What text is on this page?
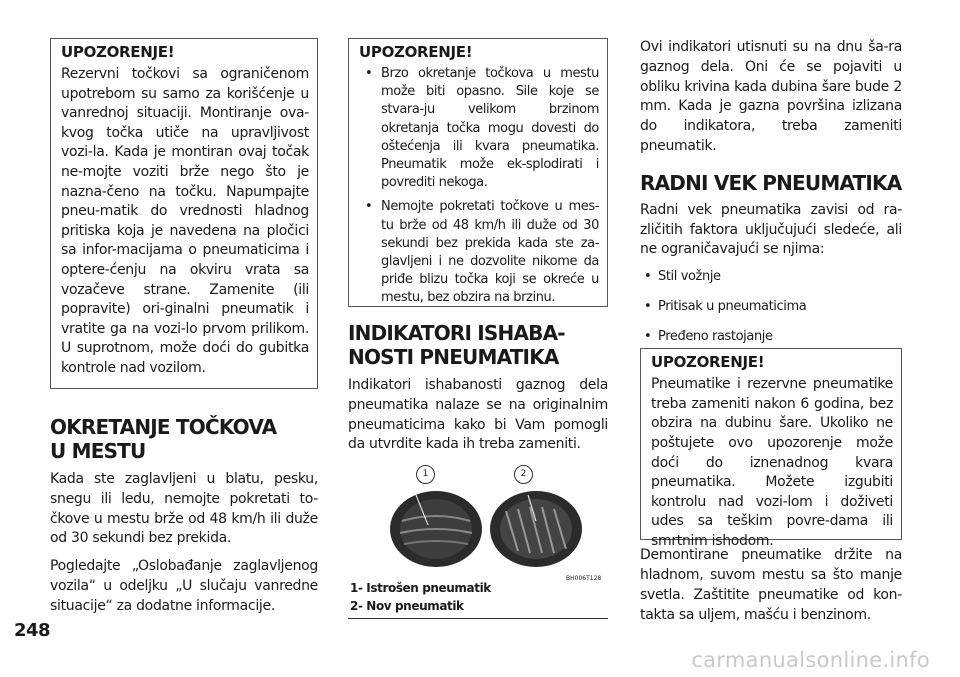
UPOZORENJE!
Rezervni točkovi sa ograničenom upotrebom su samo za korišćenje u vanrednoj situaciji. Montiranje ova-kvog točka utiče na upravljivost vozi-la. Kada je montiran ovaj točak ne-mojte voziti brže nego što je nazna-čeno na točku. Napumpajte pneu-matik do vrednosti hladnog pritiska koja je navedena na pločici sa infor-macijama o pneumaticima i optere-ćenju na okviru vrata sa vozačeve strane. Zamenite (ili popravite) ori-ginalni pneumatik i vratite ga na vozi-lo prvom prilikom. U suprotnom, može doći do gubitka kontrole nad vozilom.
OKRETANJE TOČKOVA
U MESTU

Kada ste zaglavljeni u blatu, pesku, snegu ili ledu, nemojte pokretati to-čkove u mestu brže od 48 km/h ili duže od 30 sekundi bez prekida.

Pogledajte „Oslobađanje zaglavljenog vozila“ u odeljku „U slučaju vanredne situacije“ za dodatne informacije.

UPOZORENJE!
• Brzo okretanje točkova u mestu može biti opasno. Sile koje se stvara-ju velikom brzinom okretanja točka mogu dovesti do oštećenja ili kvara pneumatika. Pneumatik može ek-splodirati i povrediti nekoga.
• Nemojte pokretati točkove u mes-tu brže od 48 km/h ili duže od 30 sekundi bez prekida kada ste za-glavljeni i ne dozvolite nikome da priđe blizu točka koji se okreće u mestu, bez obzira na brzinu.
INDIKATORI ISHABA-
NOSTI PNEUMATIKA

Indikatori ishabanosti gaznog dela pneumatika nalaze se na originalnim pneumaticima kako bi Vam pomogli da utvrdite kada ih treba zameniti.

1	2
BH006T128
1- Istrošen pneumatik
2- Nov pneumatik

Ovi indikatori utisnuti su na dnu ša-ra gaznog dela. Oni će se pojaviti u obliku krivina kada dubina šare bude 2 mm. Kada je gazna površina izlizana do indikatora, treba zameniti pneumatik.

RADNI VEK PNEUMATIKA

Radni vek pneumatika zavisi od ra-zličitih faktora uključujući sledeće, ali ne ograničavajući se njima:

• Stil vožnje
• Pritisak u pneumaticima
• Pređeno rastojanje
UPOZORENJE!
Pneumatike i rezervne pneumatike treba zameniti nakon 6 godina, bez obzira na dubinu šare. Ukoliko ne poštujete ovo upozorenje može doći do iznenadnog kvara pneumatika. Možete izgubiti kontrolu nad vozi-lom i doživeti udes sa teškim povre-dama ili smrtnim ishodom.

Demontirane pneumatike držite na hladnom, suvom mestu sa što manje svetla. Zaštitite pneumatike od kon-takta sa uljem, mašću i benzinom.

248
carmanualsonline.info
